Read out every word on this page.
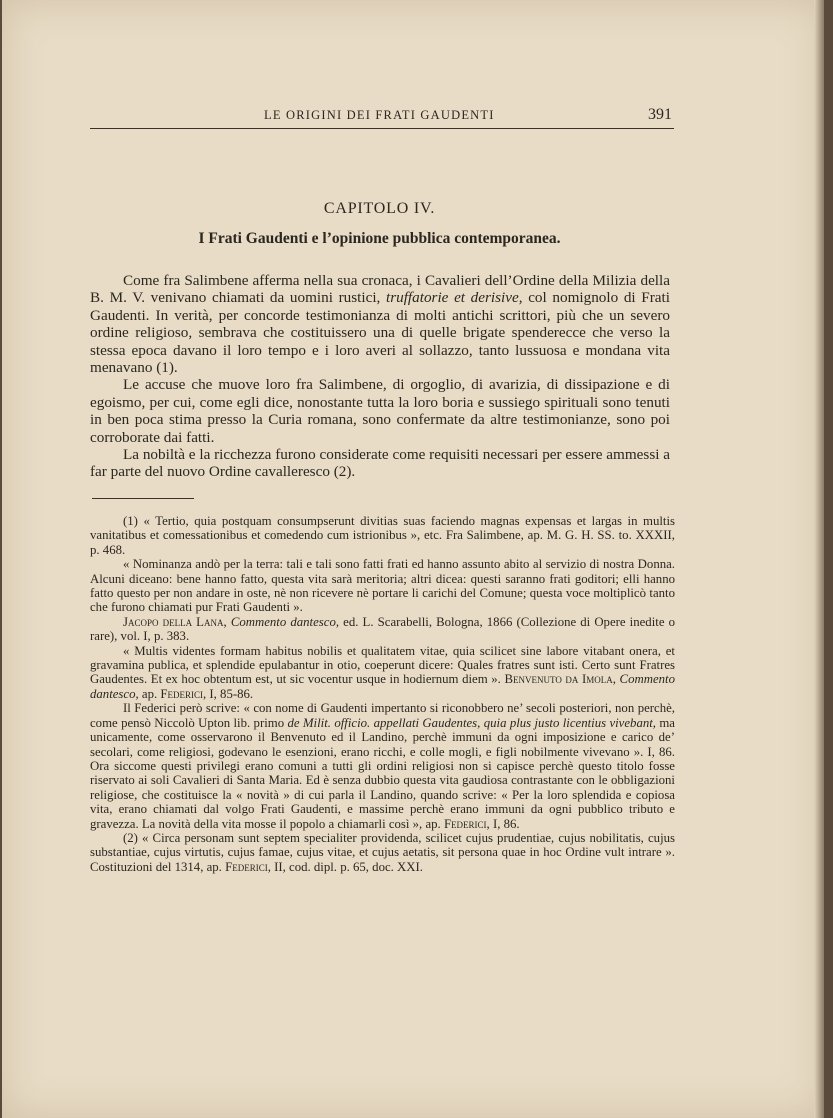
LE ORIGINI DEI FRATI GAUDENTI	391
CAPITOLO IV.
I Frati Gaudenti e l’opinione pubblica contemporanea.

Come fra Salimbene afferma nella sua cronaca, i Cavalieri dell’Ordine della Milizia della B. M. V. venivano chiamati da uomini rustici, truffatorie et derisive, col nomignolo di Frati Gaudenti. In verità, per concorde testimonianza di molti antichi scrittori, più che un severo ordine religioso, sembrava che costituissero una di quelle brigate spenderecce che verso la stessa epoca davano il loro tempo e i loro averi al sollazzo, tanto lussuosa e mondana vita menavano (1).

Le accuse che muove loro fra Salimbene, di orgoglio, di avarizia, di dissipazione e di egoismo, per cui, come egli dice, nonostante tutta la loro boria e sussiego spirituali sono tenuti in ben poca stima presso la Curia romana, sono confermate da altre testimonianze, sono poi corroborate dai fatti.

La nobiltà e la ricchezza furono considerate come requisiti necessari per essere ammessi a far parte del nuovo Ordine cavalleresco (2).

(1) « Tertio, quia postquam consumpserunt divitias suas faciendo magnas expensas et largas in multis vanitatibus et comessationibus et comedendo cum istrionibus », etc. Fra Salimbene, ap. M. G. H. SS. to. XXXII, p. 468.

« Nominanza andò per la terra: tali e tali sono fatti frati ed hanno assunto abito al servizio di nostra Donna. Alcuni diceano: bene hanno fatto, questa vita sarà meritoria; altri dicea: questi saranno frati goditori; elli hanno fatto questo per non andare in oste, nè non ricevere nè portare li carichi del Comune; questa voce moltiplicò tanto che furono chiamati pur Frati Gaudenti ».

Jacopo della Lana, Commento dantesco, ed. L. Scarabelli, Bologna, 1866 (Collezione di Opere inedite o rare), vol. I, p. 383.

« Multis videntes formam habitus nobilis et qualitatem vitae, quia scilicet sine labore vitabant onera, et gravamina publica, et splendide epulabantur in otio, coeperunt dicere: Quales fratres sunt isti. Certo sunt Fratres Gaudentes. Et ex hoc obtentum est, ut sic vocentur usque in hodiernum diem ». Benvenuto da Imola, Commento dantesco, ap. Federici, I, 85-86.

Il Federici però scrive: « con nome di Gaudenti impertanto si riconobbero ne’ secoli posteriori, non perchè, come pensò Niccolò Upton lib. primo de Milit. officio. appellati Gaudentes, quia plus justo licentius vivebant, ma unicamente, come osservarono il Benvenuto ed il Landino, perchè immuni da ogni imposizione e carico de’ secolari, come religiosi, godevano le esenzioni, erano ricchi, e colle mogli, e figli nobilmente vivevano ». I, 86. Ora siccome questi privilegi erano comuni a tutti gli ordini religiosi non si capisce perchè questo titolo fosse riservato ai soli Cavalieri di Santa Maria. Ed è senza dubbio questa vita gaudiosa contrastante con le obbligazioni religiose, che costituisce la « novità » di cui parla il Landino, quando scrive: « Per la loro splendida e copiosa vita, erano chiamati dal volgo Frati Gaudenti, e massime perchè erano immuni da ogni pubblico tributo e gravezza. La novità della vita mosse il popolo a chiamarli così », ap. Federici, I, 86.

(2) « Circa personam sunt septem specialiter providenda, scilicet cujus prudentiae, cujus nobilitatis, cujus substantiae, cujus virtutis, cujus famae, cujus vitae, et cujus aetatis, sit persona quae in hoc Ordine vult intrare ». Costituzioni del 1314, ap. Federici, II, cod. dipl. p. 65, doc. XXI.
